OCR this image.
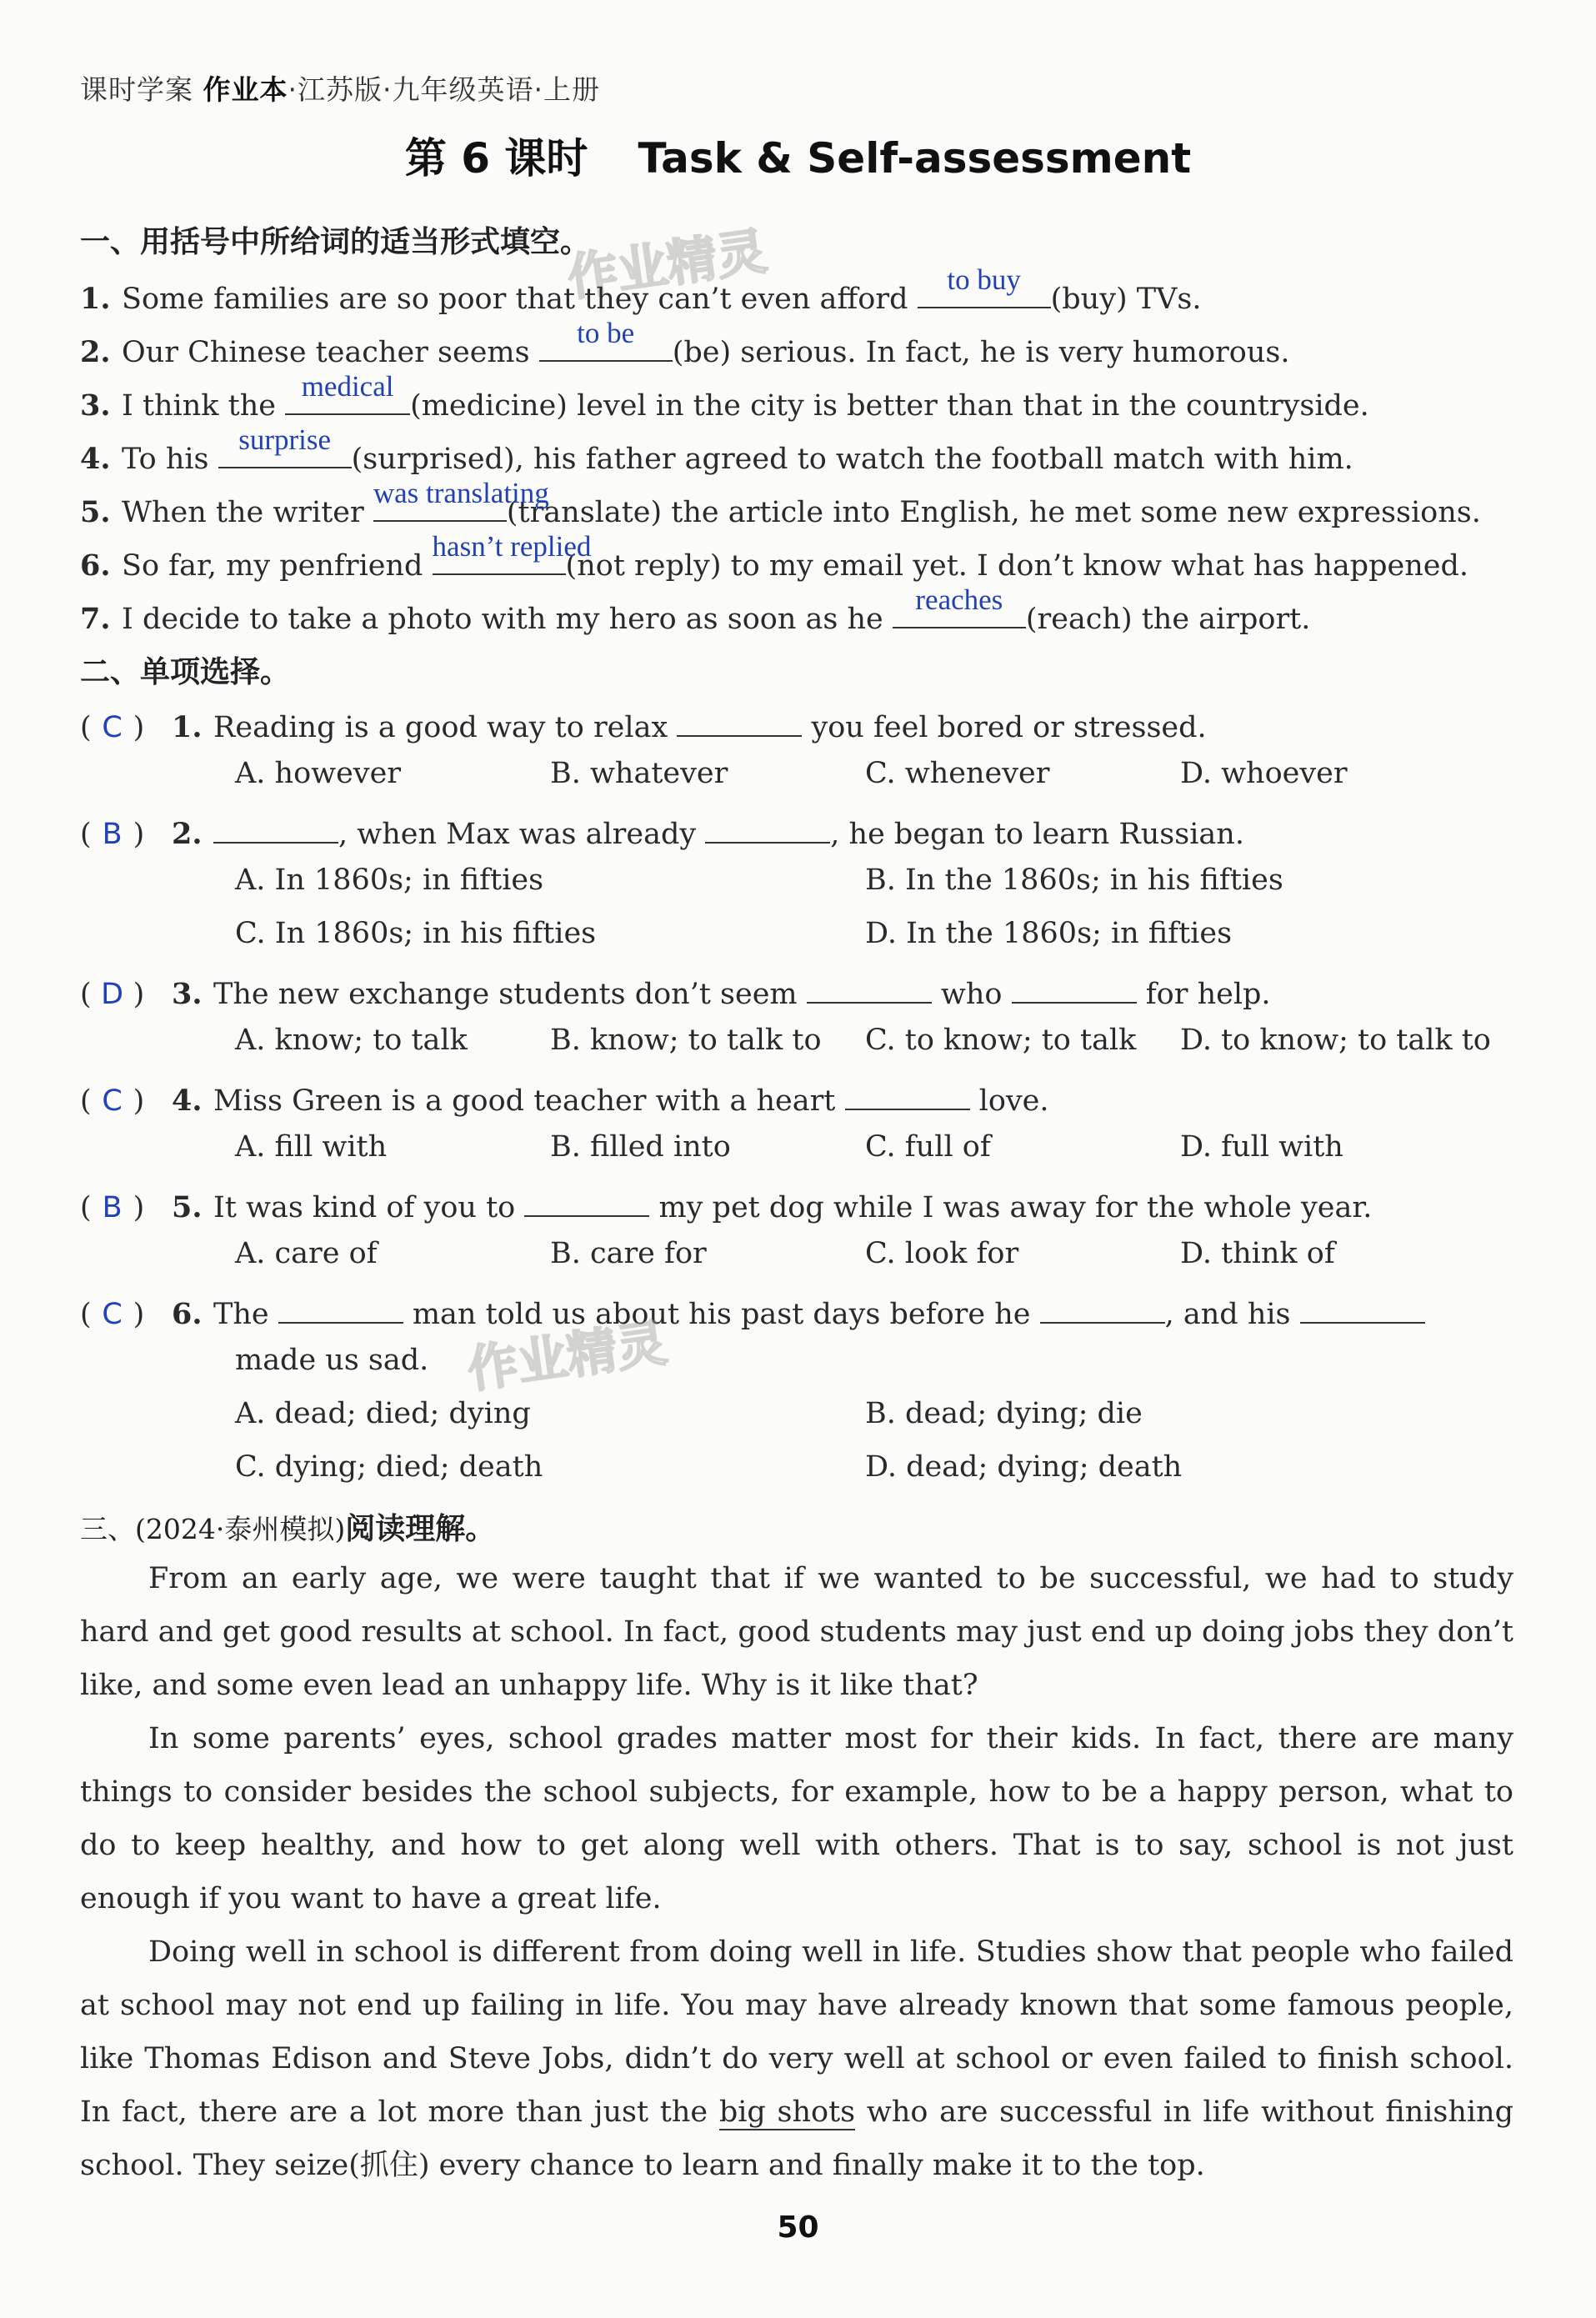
课时学案 作业本·江苏版·九年级英语·上册
第 6 课时 Task & Self-assessment
一、用括号中所给词的适当形式填空。
作业精灵
1. Some families are so poor that they can’t even afford
to buy
(buy) TVs.
2. Our Chinese teacher seems
to be
(be) serious. In fact, he is very humorous.
3. I think the
medical
(medicine) level in the city is better than that in the countryside.
4. To his
surprise
(surprised), his father agreed to watch the football match with him.
5. When the writer
was translating
(translate) the article into English, he met some new expressions.
6. So far, my penfriend
hasn’t replied
(not reply) to my email yet. I don’t know what has happened.
7. I decide to take a photo with my hero as soon as he
reaches
(reach) the airport.
二、单项选择。
( C ) 1. Reading is a good way to relax	you feel bored or stressed.
A. however	B. whatever	C. whenever	D. whoever
( B ) 2.	, when Max was already	, he began to learn Russian.
A. In 1860s; in fifties	B. In the 1860s; in his fifties
C. In 1860s; in his fifties	D. In the 1860s; in fifties
( D ) 3. The new exchange students don’t seem	who	for help.
A. know; to talk	B. know; to talk to C. to know; to talk D. to know; to talk to
( C ) 4. Miss Green is a good teacher with a heart	love.
A. fill with	B. filled into	C. full of	D. full with
( B ) 5. It was kind of you to	my pet dog while I was away for the whole year.
A. care of	B. care for	C. look for	D. think of
( C ) 6. The	man told us about his past days before he	, and his
made us sad. 作业精灵
A. dead; died; dying	B. dead; dying; die
C. dying; died; death	D. dead; dying; death
三、(2024·泰州模拟)阅读理解。

From an early age, we were taught that if we wanted to be successful, we had to study hard and get good results at school. In fact, good students may just end up doing jobs they don’t like, and some even lead an unhappy life. Why is it like that?

In some parents’ eyes, school grades matter most for their kids. In fact, there are many things to consider besides the school subjects, for example, how to be a happy person, what to do to keep healthy, and how to get along well with others. That is to say, school is not just enough if you want to have a great life.

Doing well in school is different from doing well in life. Studies show that people who failed at school may not end up failing in life. You may have already known that some famous people, like Thomas Edison and Steve Jobs, didn’t do very well at school or even failed to finish school. In fact, there are a lot more than just the big shots who are successful in life without finishing school. They seize(抓住) every chance to learn and finally make it to the top.

50
